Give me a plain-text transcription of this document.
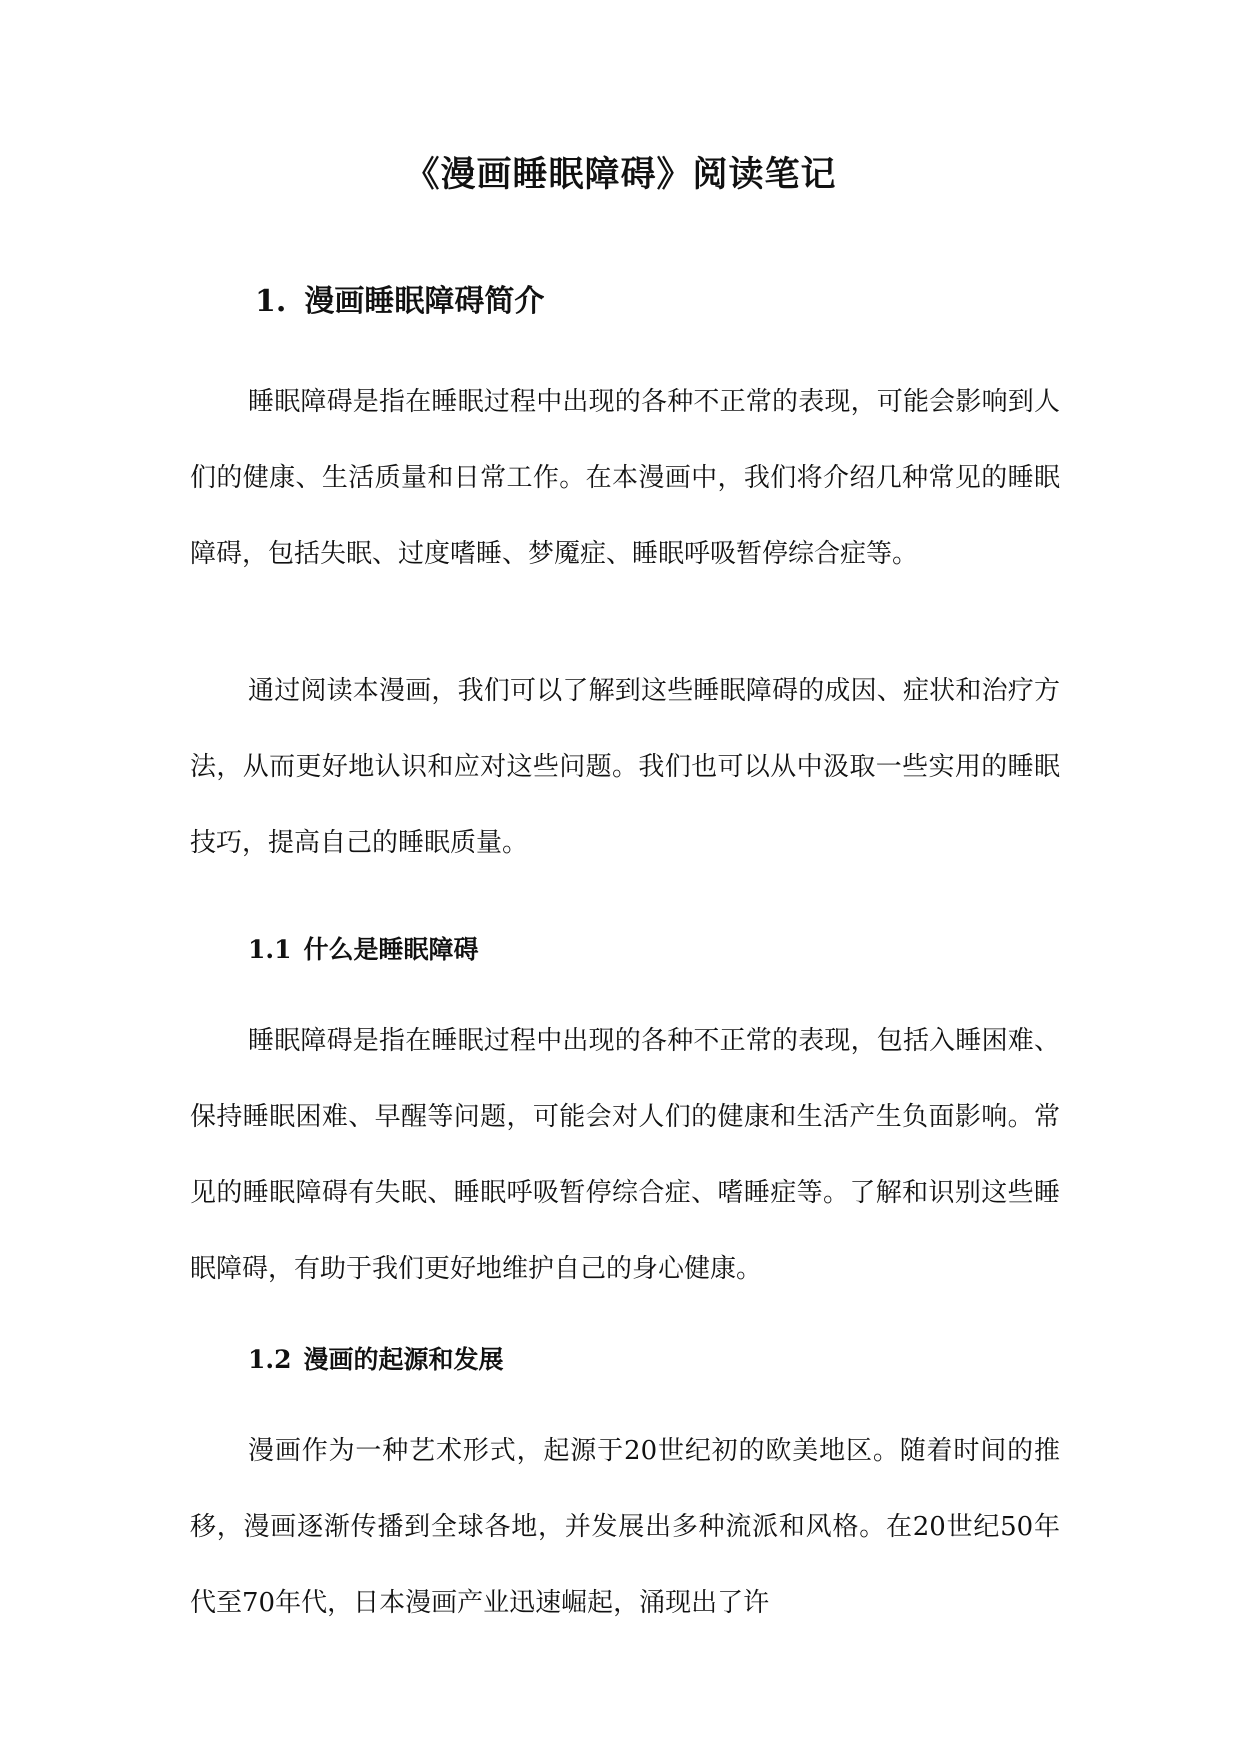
《漫画睡眠障碍》阅读笔记
1. 漫画睡眠障碍简介

睡眠障碍是指在睡眠过程中出现的各种不正常的表现，可能会影响到人们的健康、生活质量和日常工作。在本漫画中，我们将介绍几种常见的睡眠障碍，包括失眠、过度嗜睡、梦魇症、睡眠呼吸暂停综合症等。

通过阅读本漫画，我们可以了解到这些睡眠障碍的成因、症状和治疗方法，从而更好地认识和应对这些问题。我们也可以从中汲取一些实用的睡眠技巧，提高自己的睡眠质量。

1.1 什么是睡眠障碍

睡眠障碍是指在睡眠过程中出现的各种不正常的表现，包括入睡困难、保持睡眠困难、早醒等问题，可能会对人们的健康和生活产生负面影响。常见的睡眠障碍有失眠、睡眠呼吸暂停综合症、嗜睡症等。了解和识别这些睡眠障碍，有助于我们更好地维护自己的身心健康。

1.2 漫画的起源和发展

漫画作为一种艺术形式，起源于20世纪初的欧美地区。随着时间的推移，漫画逐渐传播到全球各地，并发展出多种流派和风格。在20世纪50年代至70年代，日本漫画产业迅速崛起，涌现出了许
